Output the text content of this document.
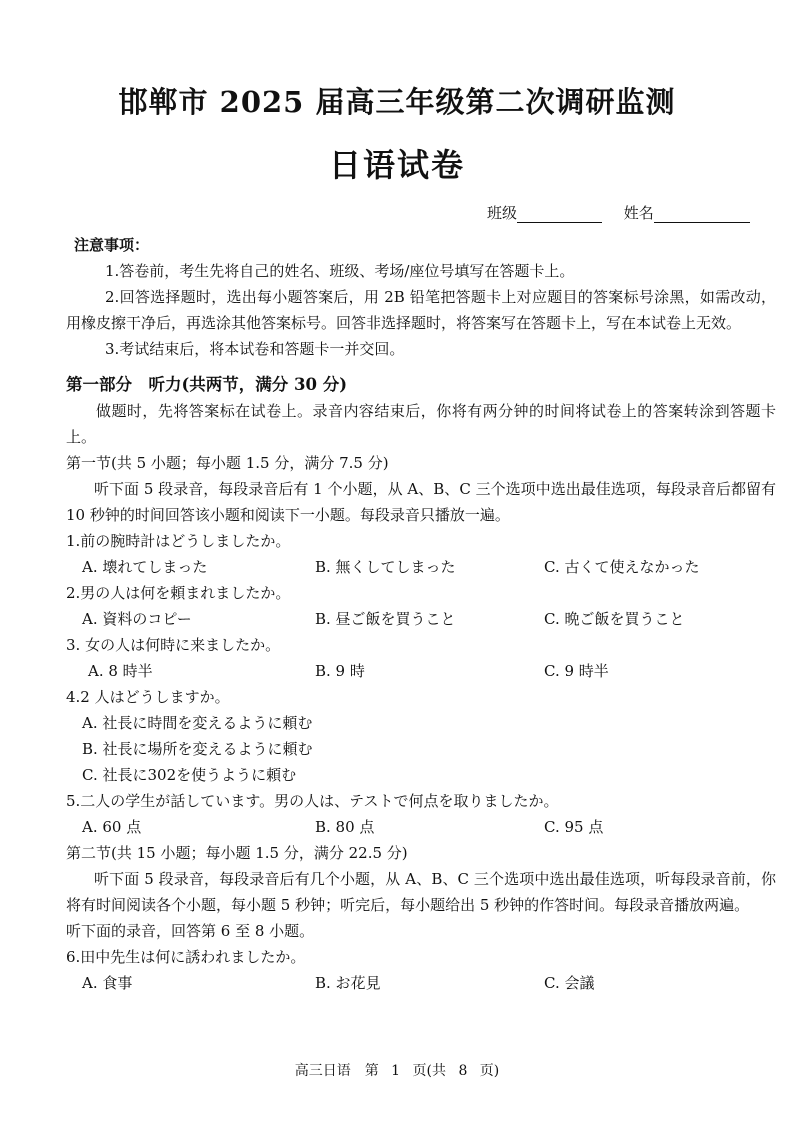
邯郸市 2025 届高三年级第二次调研监测
日语试卷
班级	姓名

注意事项：

1.答卷前，考生先将自己的姓名、班级、考场/座位号填写在答题卡上。

2.回答选择题时，选出每小题答案后，用 2B 铅笔把答题卡上对应题目的答案标号涂黑，如需改动，用橡皮擦干净后，再选涂其他答案标号。回答非选择题时，将答案写在答题卡上，写在本试卷上无效。

3.考试结束后，将本试卷和答题卡一并交回。

第一部分　听力(共两节，满分 30 分)

做题时，先将答案标在试卷上。录音内容结束后，你将有两分钟的时间将试卷上的答案转涂到答题卡上。

第一节(共 5 小题；每小题 1.5 分，满分 7.5 分)

听下面 5 段录音，每段录音后有 1 个小题，从 A、B、C 三个选项中选出最佳选项，每段录音后都留有 10 秒钟的时间回答该小题和阅读下一小题。每段录音只播放一遍。

1.前の腕時計はどうしましたか。

A. 壊れてしまった	B. 無くしてしまった	C. 古くて使えなかった

2.男の人は何を頼まれましたか。

A. 資料のコピー	B. 昼ご飯を買うこと	C. 晩ご飯を買うこと

3. 女の人は何時に来ましたか。

A. 8 時半	B. 9 時	C. 9 時半

4.2 人はどうしますか。

A. 社長に時間を変えるように頼む
B. 社長に場所を変えるように頼む
C. 社長に302を使うように頼む

5.二人の学生が話しています。男の人は、テストで何点を取りましたか。

A. 60 点	B. 80 点	C. 95 点

第二节(共 15 小题；每小题 1.5 分，满分 22.5 分)

听下面 5 段录音，每段录音后有几个小题，从 A、B、C 三个选项中选出最佳选项，听每段录音前，你将有时间阅读各个小题，每小题 5 秒钟；听完后，每小题给出 5 秒钟的作答时间。每段录音播放两遍。

听下面的录音，回答第 6 至 8 小题。

6.田中先生は何に誘われましたか。

A. 食事	B. お花見	C. 会議
高三日语　第 1 页(共 8 页)
